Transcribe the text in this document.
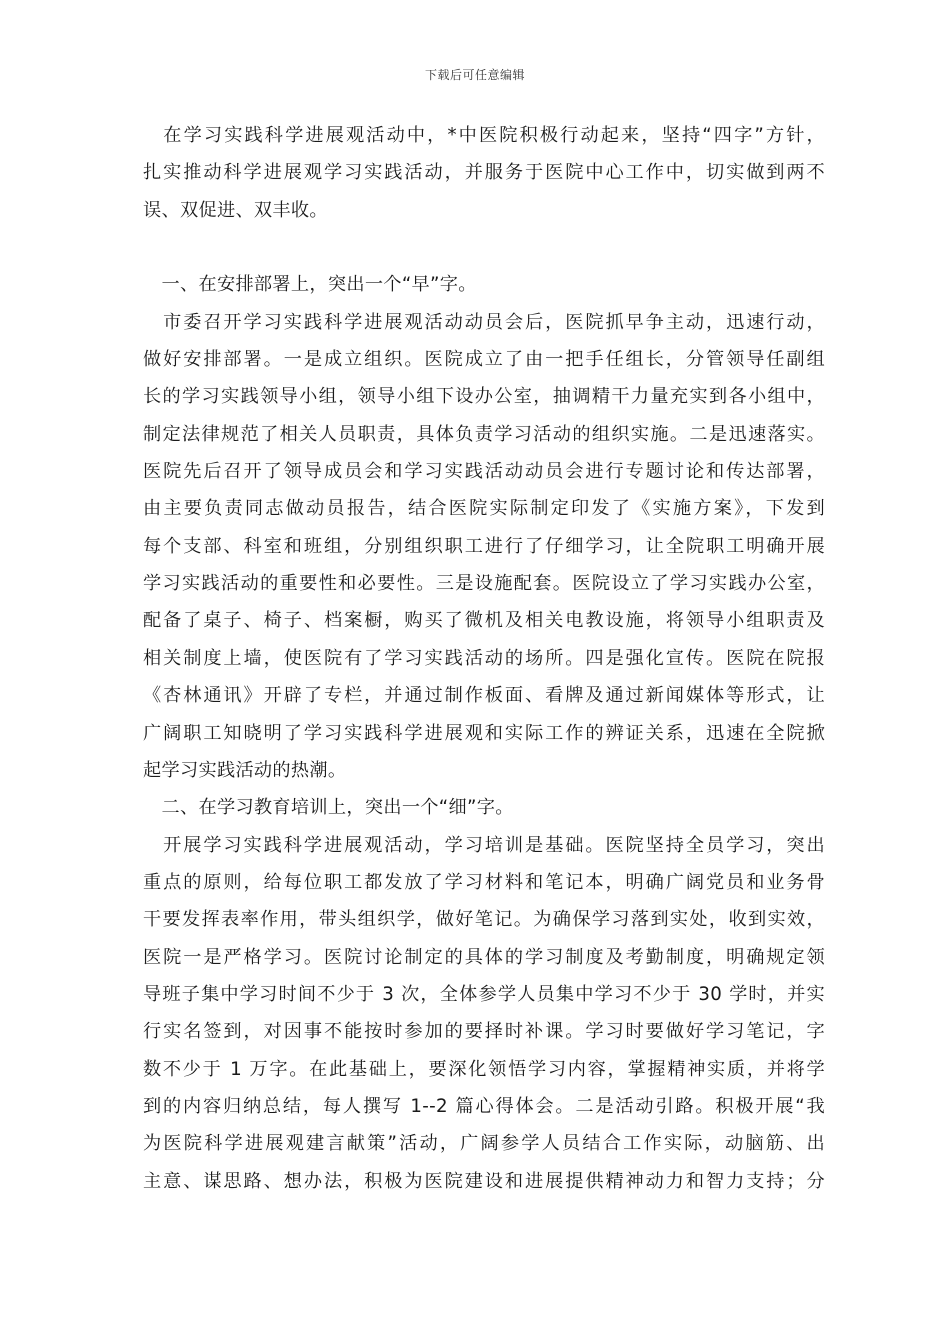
下载后可任意编辑
　在学习实践科学进展观活动中，*中医院积极行动起来，坚持“四字”方针，
扎实推动科学进展观学习实践活动，并服务于医院中心工作中，切实做到两不
误、双促进、双丰收。
　一、在安排部署上，突出一个“早”字。
　市委召开学习实践科学进展观活动动员会后，医院抓早争主动，迅速行动，
做好安排部署。一是成立组织。医院成立了由一把手任组长，分管领导任副组
长的学习实践领导小组，领导小组下设办公室，抽调精干力量充实到各小组中，
制定法律规范了相关人员职责，具体负责学习活动的组织实施。二是迅速落实。
医院先后召开了领导成员会和学习实践活动动员会进行专题讨论和传达部署，
由主要负责同志做动员报告，结合医院实际制定印发了《实施方案》，下发到
每个支部、科室和班组，分别组织职工进行了仔细学习，让全院职工明确开展
学习实践活动的重要性和必要性。三是设施配套。医院设立了学习实践办公室，
配备了桌子、椅子、档案橱，购买了微机及相关电教设施，将领导小组职责及
相关制度上墙，使医院有了学习实践活动的场所。四是强化宣传。医院在院报
《杏林通讯》开辟了专栏，并通过制作板面、看牌及通过新闻媒体等形式，让
广阔职工知晓明了学习实践科学进展观和实际工作的辨证关系，迅速在全院掀
起学习实践活动的热潮。
　二、在学习教育培训上，突出一个“细”字。
　开展学习实践科学进展观活动，学习培训是基础。医院坚持全员学习，突出
重点的原则，给每位职工都发放了学习材料和笔记本，明确广阔党员和业务骨
干要发挥表率作用，带头组织学，做好笔记。为确保学习落到实处，收到实效，
医院一是严格学习。医院讨论制定的具体的学习制度及考勤制度，明确规定领
导班子集中学习时间不少于 3 次，全体参学人员集中学习不少于 30 学时，并实
行实名签到，对因事不能按时参加的要择时补课。学习时要做好学习笔记，字
数不少于 1 万字。在此基础上，要深化领悟学习内容，掌握精神实质，并将学
到的内容归纳总结，每人撰写 1--2 篇心得体会。二是活动引路。积极开展“我
为医院科学进展观建言献策”活动，广阔参学人员结合工作实际，动脑筋、出
主意、谋思路、想办法，积极为医院建设和进展提供精神动力和智力支持；分
